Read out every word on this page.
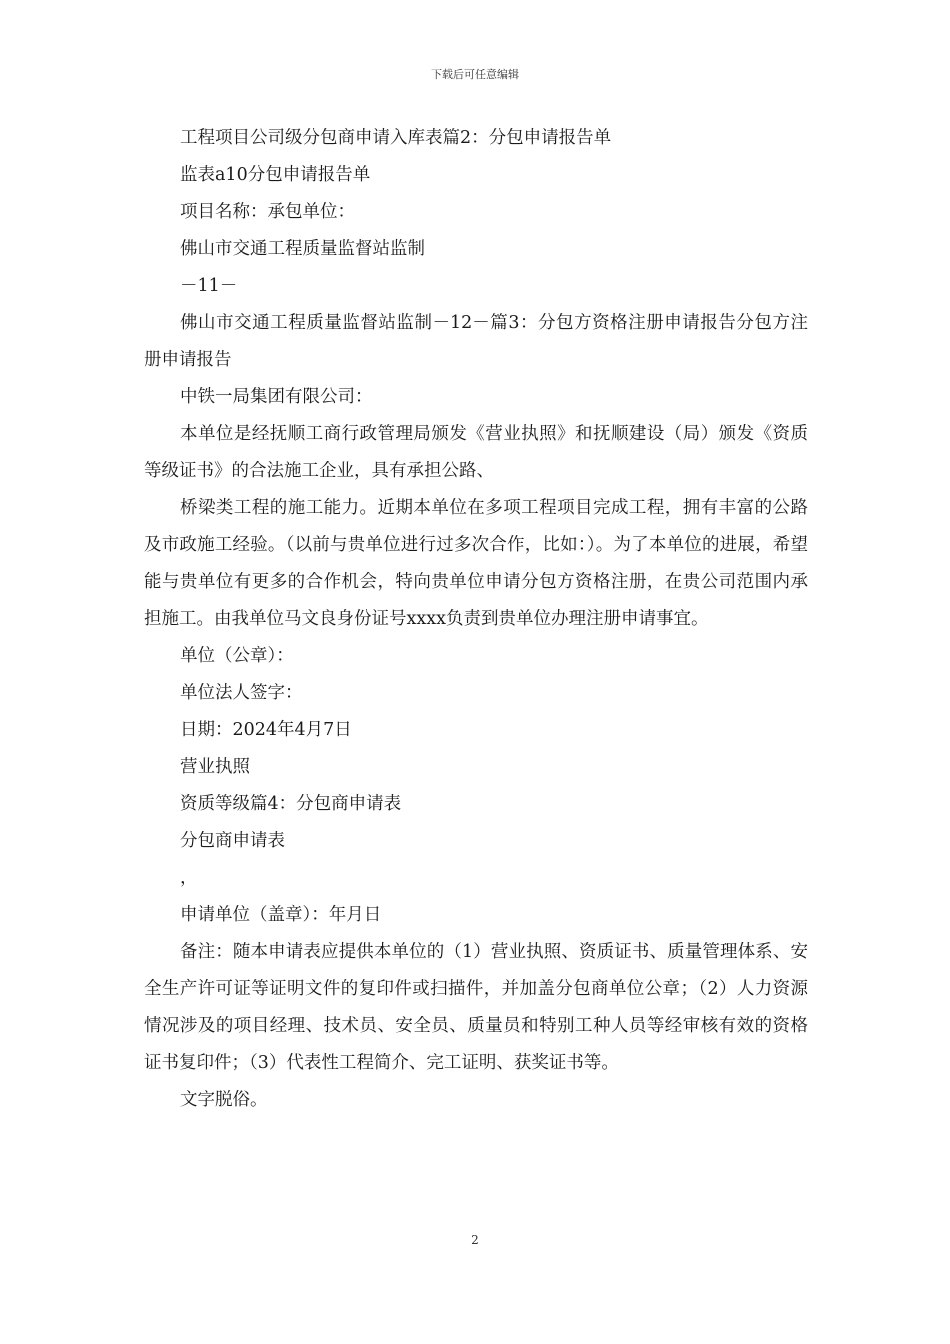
下载后可任意编辑

工程项目公司级分包商申请入库表篇2：分包申请报告单

监表a10分包申请报告单

项目名称：承包单位：

佛山市交通工程质量监督站监制

－11－

佛山市交通工程质量监督站监制－12－篇3：分包方资格注册申请报告分包方注册申请报告

中铁一局集团有限公司：

本单位是经抚顺工商行政管理局颁发《营业执照》和抚顺建设（局）颁发《资质等级证书》的合法施工企业，具有承担公路、

桥梁类工程的施工能力。近期本单位在多项工程项目完成工程，拥有丰富的公路及市政施工经验。（以前与贵单位进行过多次合作，比如：）。为了本单位的进展，希望能与贵单位有更多的合作机会，特向贵单位申请分包方资格注册，在贵公司范围内承担施工。由我单位马文良身份证号xxxx负责到贵单位办理注册申请事宜。

单位（公章）：

单位法人签字：

日期：2024年4月7日

营业执照

资质等级篇4：分包商申请表

分包商申请表

，

申请单位（盖章）：年月日

备注：随本申请表应提供本单位的（1）营业执照、资质证书、质量管理体系、安全生产许可证等证明文件的复印件或扫描件，并加盖分包商单位公章；（2）人力资源情况涉及的项目经理、技术员、安全员、质量员和特别工种人员等经审核有效的资格证书复印件；（3）代表性工程简介、完工证明、获奖证书等。

文字脱俗。

2
